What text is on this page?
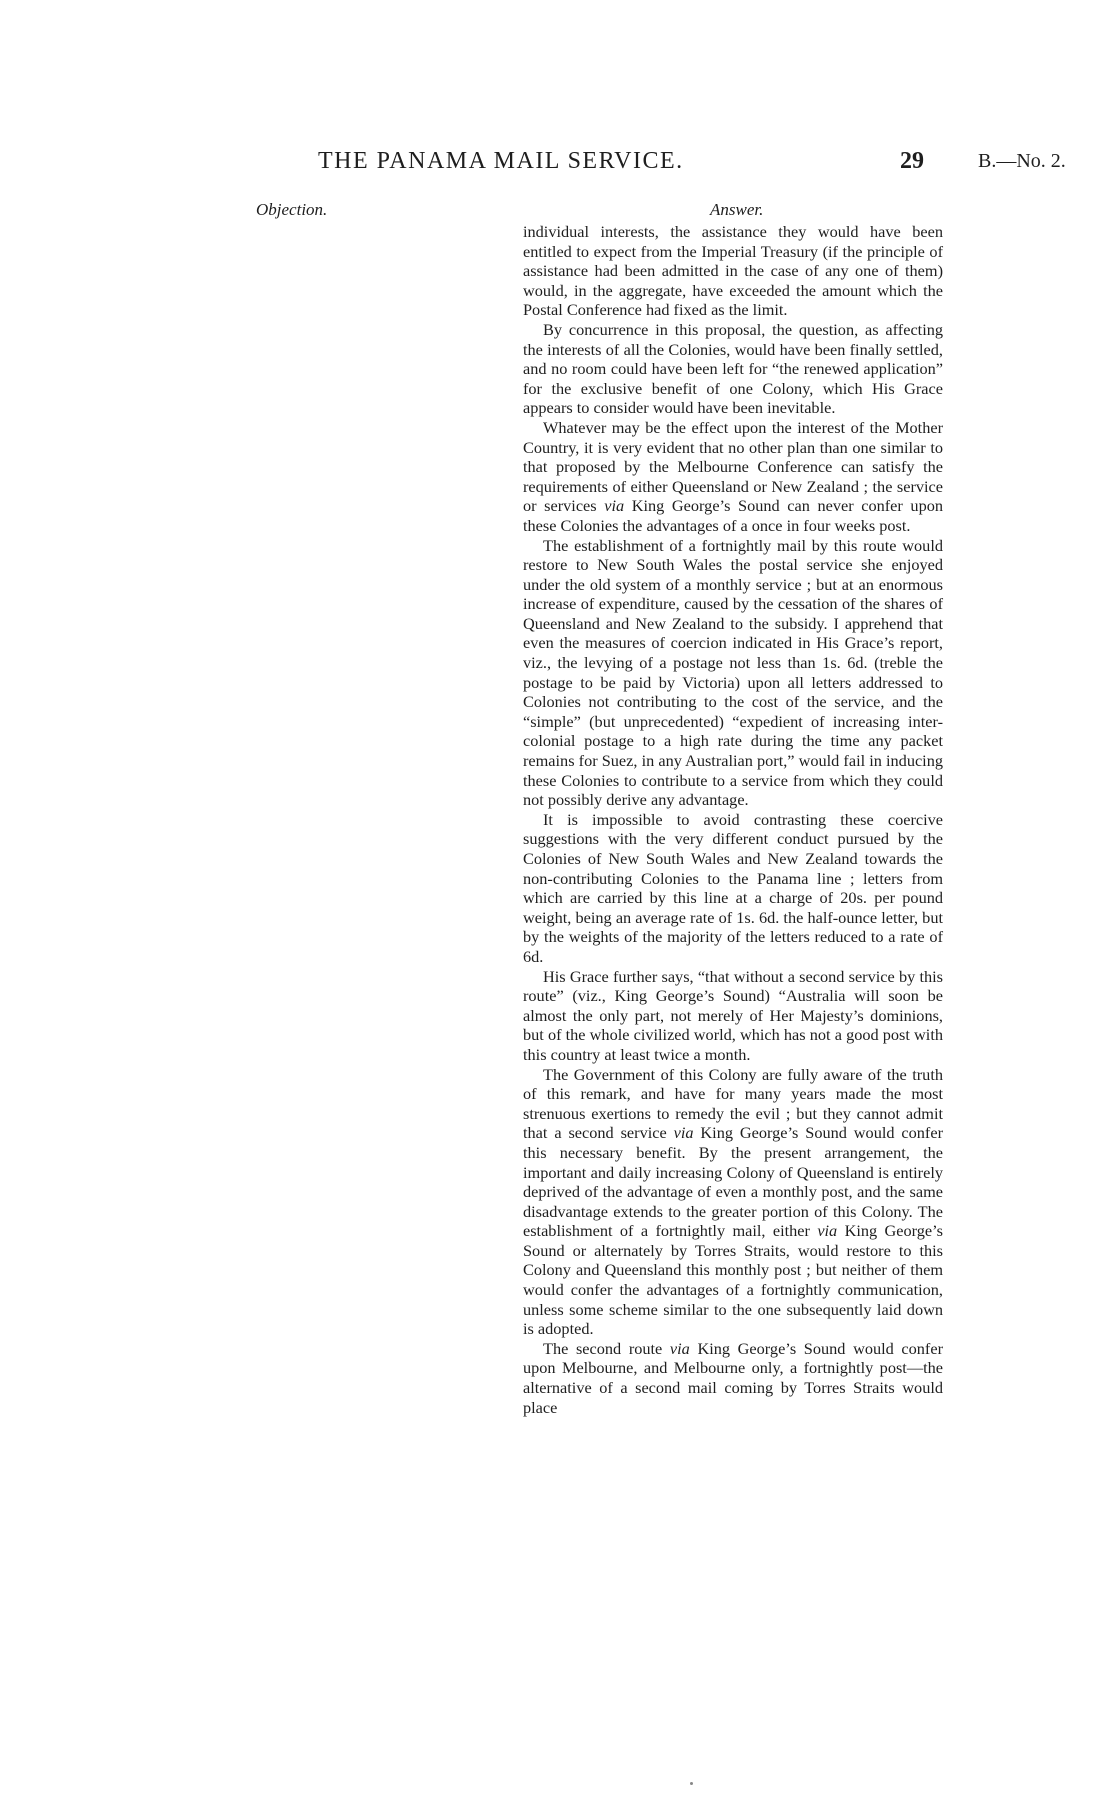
THE PANAMA MAIL SERVICE.	29	B.—No. 2.
Objection.	Answer.

individual interests, the assistance they would have been entitled to expect from the Imperial Treasury (if the principle of assistance had been admitted in the case of any one of them) would, in the aggregate, have exceeded the amount which the Postal Conference had fixed as the limit.

By concurrence in this proposal, the question, as affecting the interests of all the Colonies, would have been finally settled, and no room could have been left for “the renewed application” for the exclusive benefit of one Colony, which His Grace appears to consider would have been inevitable.

Whatever may be the effect upon the interest of the Mother Country, it is very evident that no other plan than one similar to that proposed by the Melbourne Conference can satisfy the requirements of either Queensland or New Zealand ; the service or services via King George’s Sound can never confer upon these Colonies the advantages of a once in four weeks post.

The establishment of a fortnightly mail by this route would restore to New South Wales the postal service she enjoyed under the old system of a monthly service ; but at an enormous increase of expenditure, caused by the cessation of the shares of Queensland and New Zealand to the subsidy. I apprehend that even the measures of coercion indicated in His Grace’s report, viz., the levying of a postage not less than 1s. 6d. (treble the postage to be paid by Victoria) upon all letters addressed to Colonies not contributing to the cost of the service, and the “simple” (but unprecedented) “expedient of increasing inter-colonial postage to a high rate during the time any packet remains for Suez, in any Australian port,” would fail in inducing these Colonies to contribute to a service from which they could not possibly derive any advantage.

It is impossible to avoid contrasting these coercive suggestions with the very different conduct pursued by the Colonies of New South Wales and New Zealand towards the non-contributing Colonies to the Panama line ; letters from which are carried by this line at a charge of 20s. per pound weight, being an average rate of 1s. 6d. the half-ounce letter, but by the weights of the majority of the letters reduced to a rate of 6d.

His Grace further says, “that without a second service by this route” (viz., King George’s Sound) “Australia will soon be almost the only part, not merely of Her Majesty’s dominions, but of the whole civilized world, which has not a good post with this country at least twice a month.

The Government of this Colony are fully aware of the truth of this remark, and have for many years made the most strenuous exertions to remedy the evil ; but they cannot admit that a second service via King George’s Sound would confer this necessary benefit. By the present arrangement, the important and daily increasing Colony of Queensland is entirely deprived of the advantage of even a monthly post, and the same disadvantage extends to the greater portion of this Colony. The establishment of a fortnightly mail, either via King George’s Sound or alternately by Torres Straits, would restore to this Colony and Queensland this monthly post ; but neither of them would confer the advantages of a fortnightly communication, unless some scheme similar to the one subsequently laid down is adopted.

The second route via King George’s Sound would confer upon Melbourne, and Melbourne only, a fortnightly post—the alternative of a second mail coming by Torres Straits would place
